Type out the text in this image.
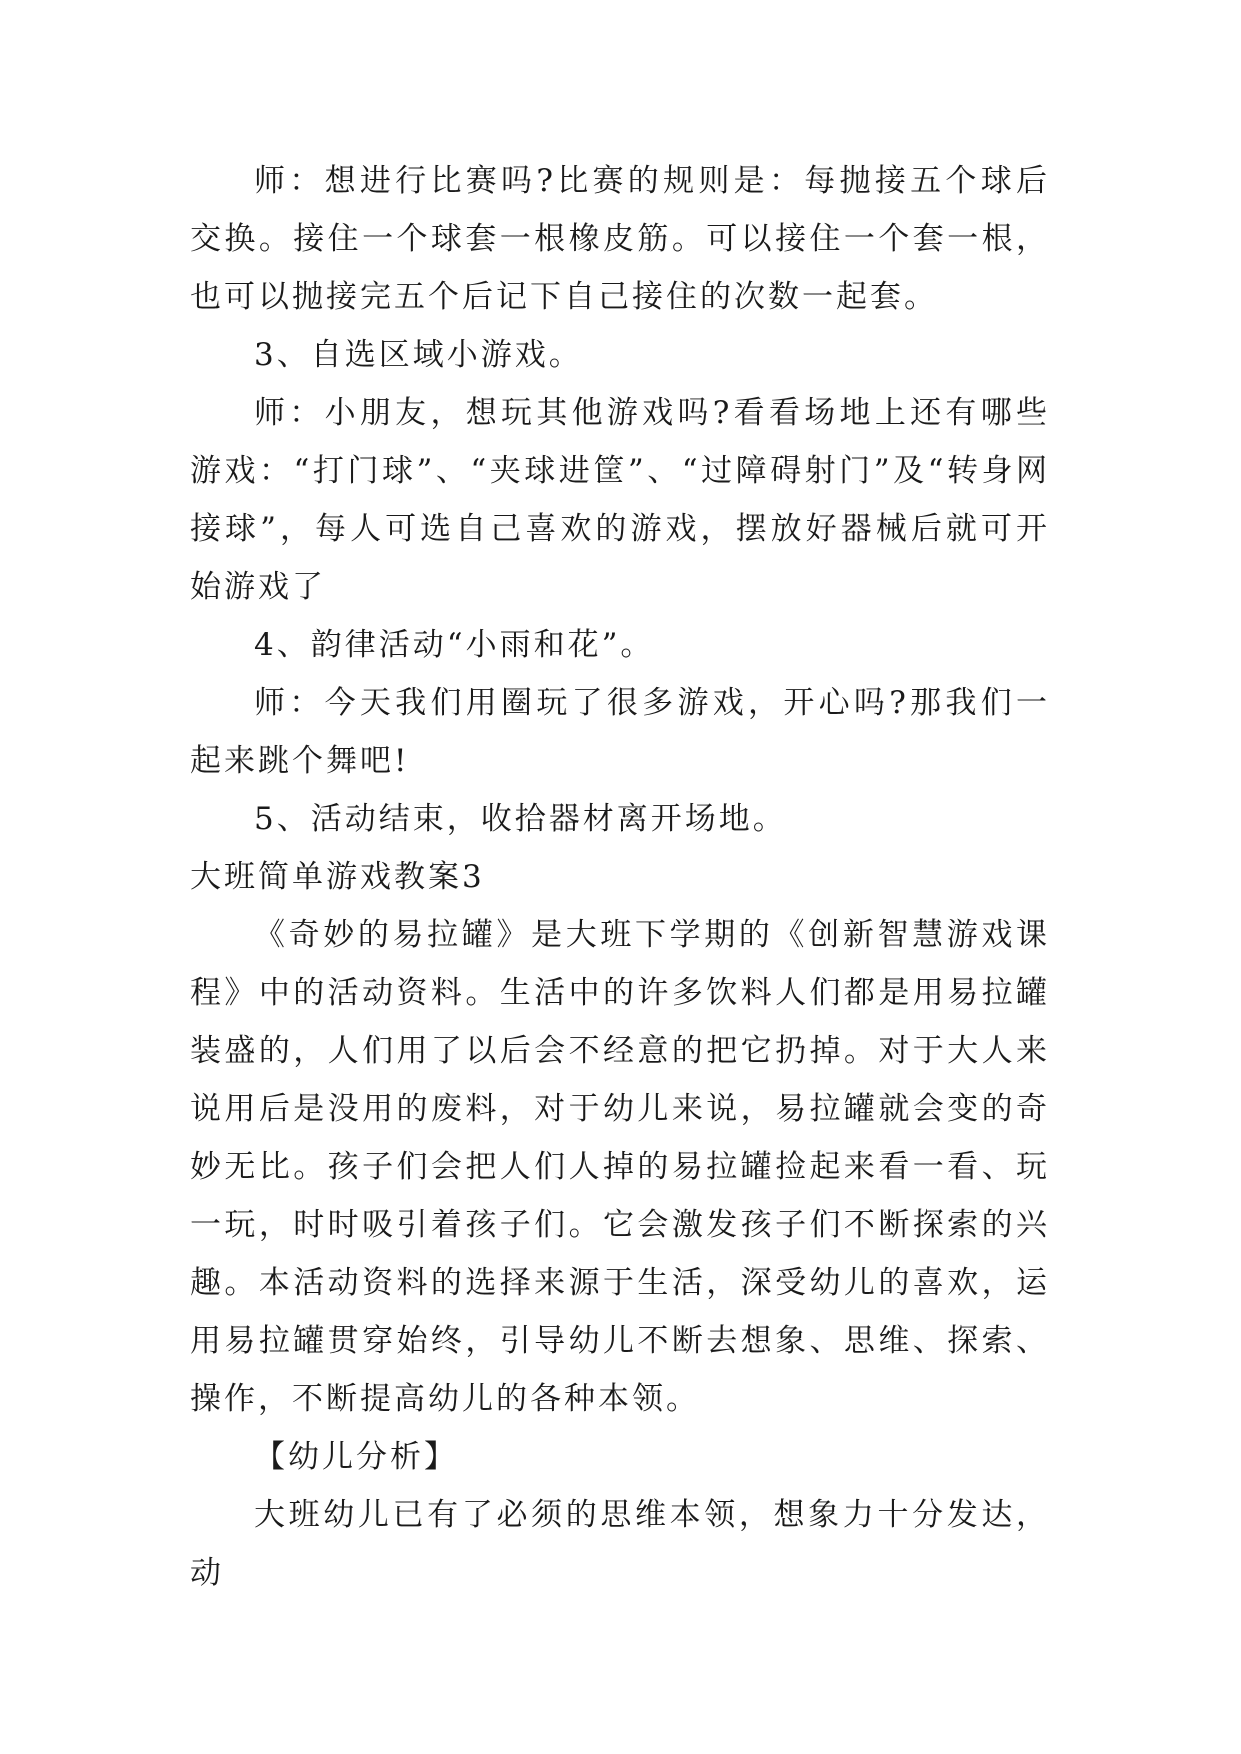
师：想进行比赛吗?比赛的规则是：每抛接五个球后交换。接住一个球套一根橡皮筋。可以接住一个套一根，也可以抛接完五个后记下自己接住的次数一起套。

3、自选区域小游戏。

师：小朋友，想玩其他游戏吗?看看场地上还有哪些游戏：“打门球”、“夹球进筐”、“过障碍射门”及“转身网接球”，每人可选自己喜欢的游戏，摆放好器械后就可开始游戏了

4、韵律活动“小雨和花”。

师：今天我们用圈玩了很多游戏，开心吗?那我们一起来跳个舞吧!

5、活动结束，收拾器材离开场地。

大班简单游戏教案3

《奇妙的易拉罐》是大班下学期的《创新智慧游戏课程》中的活动资料。生活中的许多饮料人们都是用易拉罐装盛的，人们用了以后会不经意的把它扔掉。对于大人来说用后是没用的废料，对于幼儿来说，易拉罐就会变的奇妙无比。孩子们会把人们人掉的易拉罐捡起来看一看、玩一玩，时时吸引着孩子们。它会激发孩子们不断探索的兴趣。本活动资料的选择来源于生活，深受幼儿的喜欢，运用易拉罐贯穿始终，引导幼儿不断去想象、思维、探索、操作，不断提高幼儿的各种本领。

【幼儿分析】

大班幼儿已有了必须的思维本领，想象力十分发达，动
